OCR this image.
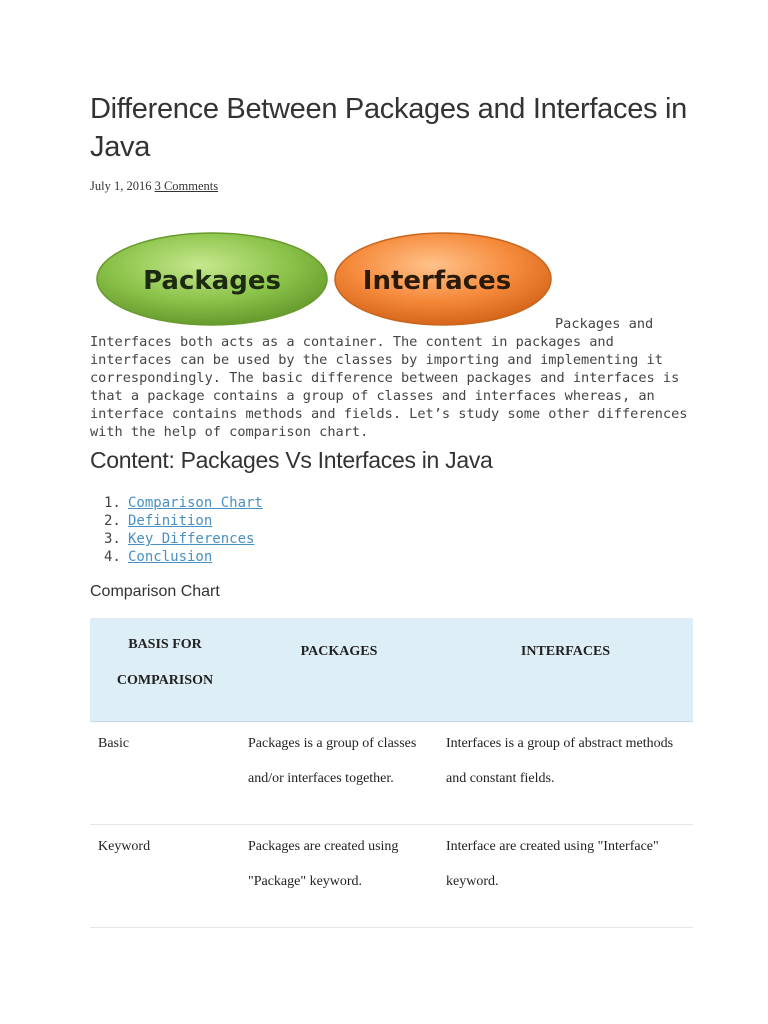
Difference Between Packages and Interfaces in Java
July 1, 2016 3 Comments
Packages	Interfaces

Packages and Interfaces both acts as a container. The content in packages and interfaces can be used by the classes by importing and implementing it correspondingly. The basic difference between packages and interfaces is that a package contains a group of classes and interfaces whereas, an interface contains methods and fields. Let’s study some other differences with the help of comparison chart.

Content: Packages Vs Interfaces in Java
1. Comparison Chart
2. Definition
3. Key Differences
4. Conclusion
Comparison Chart
BASIS FOR
COMPARISON	PACKAGES	INTERFACES
Basic	Packages is a group of classes and/or interfaces together.	Interfaces is a group of abstract methods and constant fields.
Keyword	Packages are created using "Package" keyword.	Interface are created using "Interface" keyword.
